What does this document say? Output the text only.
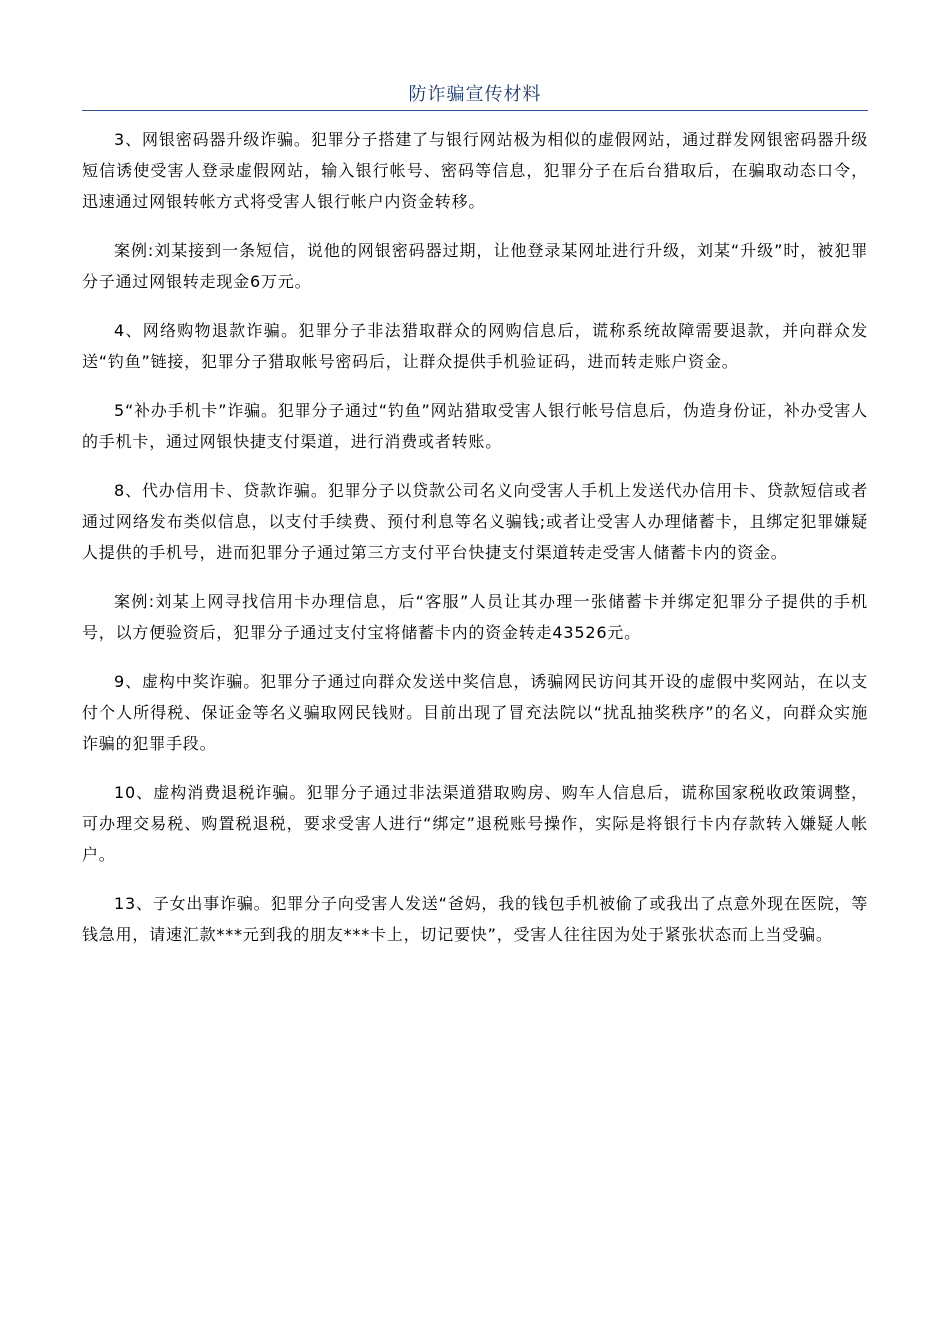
防诈骗宣传材料

3、网银密码器升级诈骗。犯罪分子搭建了与银行网站极为相似的虚假网站，通过群发网银密码器升级短信诱使受害人登录虚假网站，输入银行帐号、密码等信息，犯罪分子在后台猎取后，在骗取动态口令，迅速通过网银转帐方式将受害人银行帐户内资金转移。

案例:刘某接到一条短信，说他的网银密码器过期，让他登录某网址进行升级，刘某“升级”时，被犯罪分子通过网银转走现金6万元。

4、网络购物退款诈骗。犯罪分子非法猎取群众的网购信息后，谎称系统故障需要退款，并向群众发送“钓鱼”链接，犯罪分子猎取帐号密码后，让群众提供手机验证码，进而转走账户资金。

5“补办手机卡”诈骗。犯罪分子通过“钓鱼”网站猎取受害人银行帐号信息后，伪造身份证，补办受害人的手机卡，通过网银快捷支付渠道，进行消费或者转账。

8、代办信用卡、贷款诈骗。犯罪分子以贷款公司名义向受害人手机上发送代办信用卡、贷款短信或者通过网络发布类似信息，以支付手续费、预付利息等名义骗钱;或者让受害人办理储蓄卡，且绑定犯罪嫌疑人提供的手机号，进而犯罪分子通过第三方支付平台快捷支付渠道转走受害人储蓄卡内的资金。

案例:刘某上网寻找信用卡办理信息，后“客服”人员让其办理一张储蓄卡并绑定犯罪分子提供的手机号，以方便验资后，犯罪分子通过支付宝将储蓄卡内的资金转走43526元。

9、虚构中奖诈骗。犯罪分子通过向群众发送中奖信息，诱骗网民访问其开设的虚假中奖网站，在以支付个人所得税、保证金等名义骗取网民钱财。目前出现了冒充法院以“扰乱抽奖秩序”的名义，向群众实施诈骗的犯罪手段。

10、虚构消费退税诈骗。犯罪分子通过非法渠道猎取购房、购车人信息后，谎称国家税收政策调整，可办理交易税、购置税退税，要求受害人进行“绑定”退税账号操作，实际是将银行卡内存款转入嫌疑人帐户。

13、子女出事诈骗。犯罪分子向受害人发送“爸妈，我的钱包手机被偷了或我出了点意外现在医院，等钱急用，请速汇款***元到我的朋友***卡上，切记要快”，受害人往往因为处于紧张状态而上当受骗。
